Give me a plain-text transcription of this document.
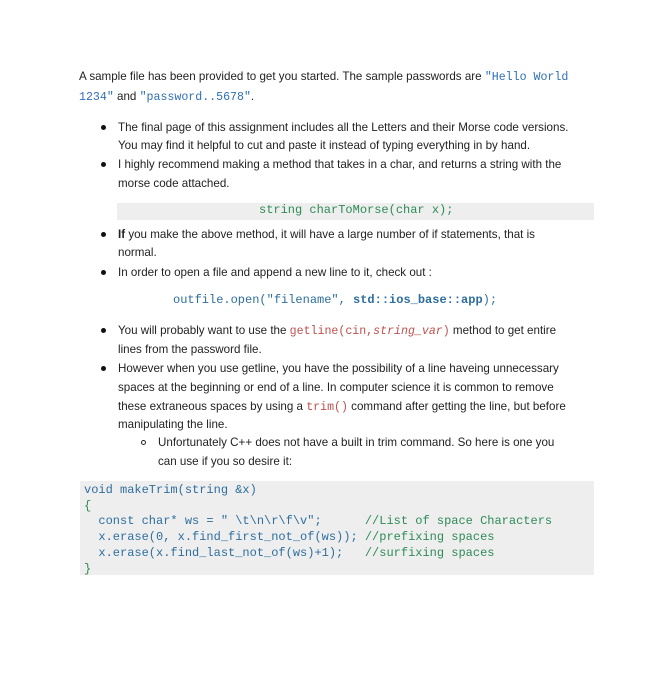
A sample file has been provided to get you started. The sample passwords are "Hello World
1234" and "password..5678".
The final page of this assignment includes all the Letters and their Morse code versions.
You may find it helpful to cut and paste it instead of typing everything in by hand.
I highly recommend making a method that takes in a char, and returns a string with the
morse code attached.
string charToMorse(char x);
If you make the above method, it will have a large number of if statements, that is
normal.
In order to open a file and append a new line to it, check out :
outfile.open("filename", std::ios_base::app);
You will probably want to use the getline(cin,string_var) method to get entire
lines from the password file.
However when you use getline, you have the possibility of a line haveing unnecessary
spaces at the beginning or end of a line. In computer science it is common to remove
these extraneous spaces by using a trim() command after getting the line, but before
manipulating the line.
Unfortunately C++ does not have a built in trim command. So here is one you
can use if you so desire it:
void makeTrim(string &x)
{
const char* ws = " \t\n\r\f\v";      //List of space Characters
x.erase(0, x.find_first_not_of(ws)); //prefixing spaces
x.erase(x.find_last_not_of(ws)+1);   //surfixing spaces
}
